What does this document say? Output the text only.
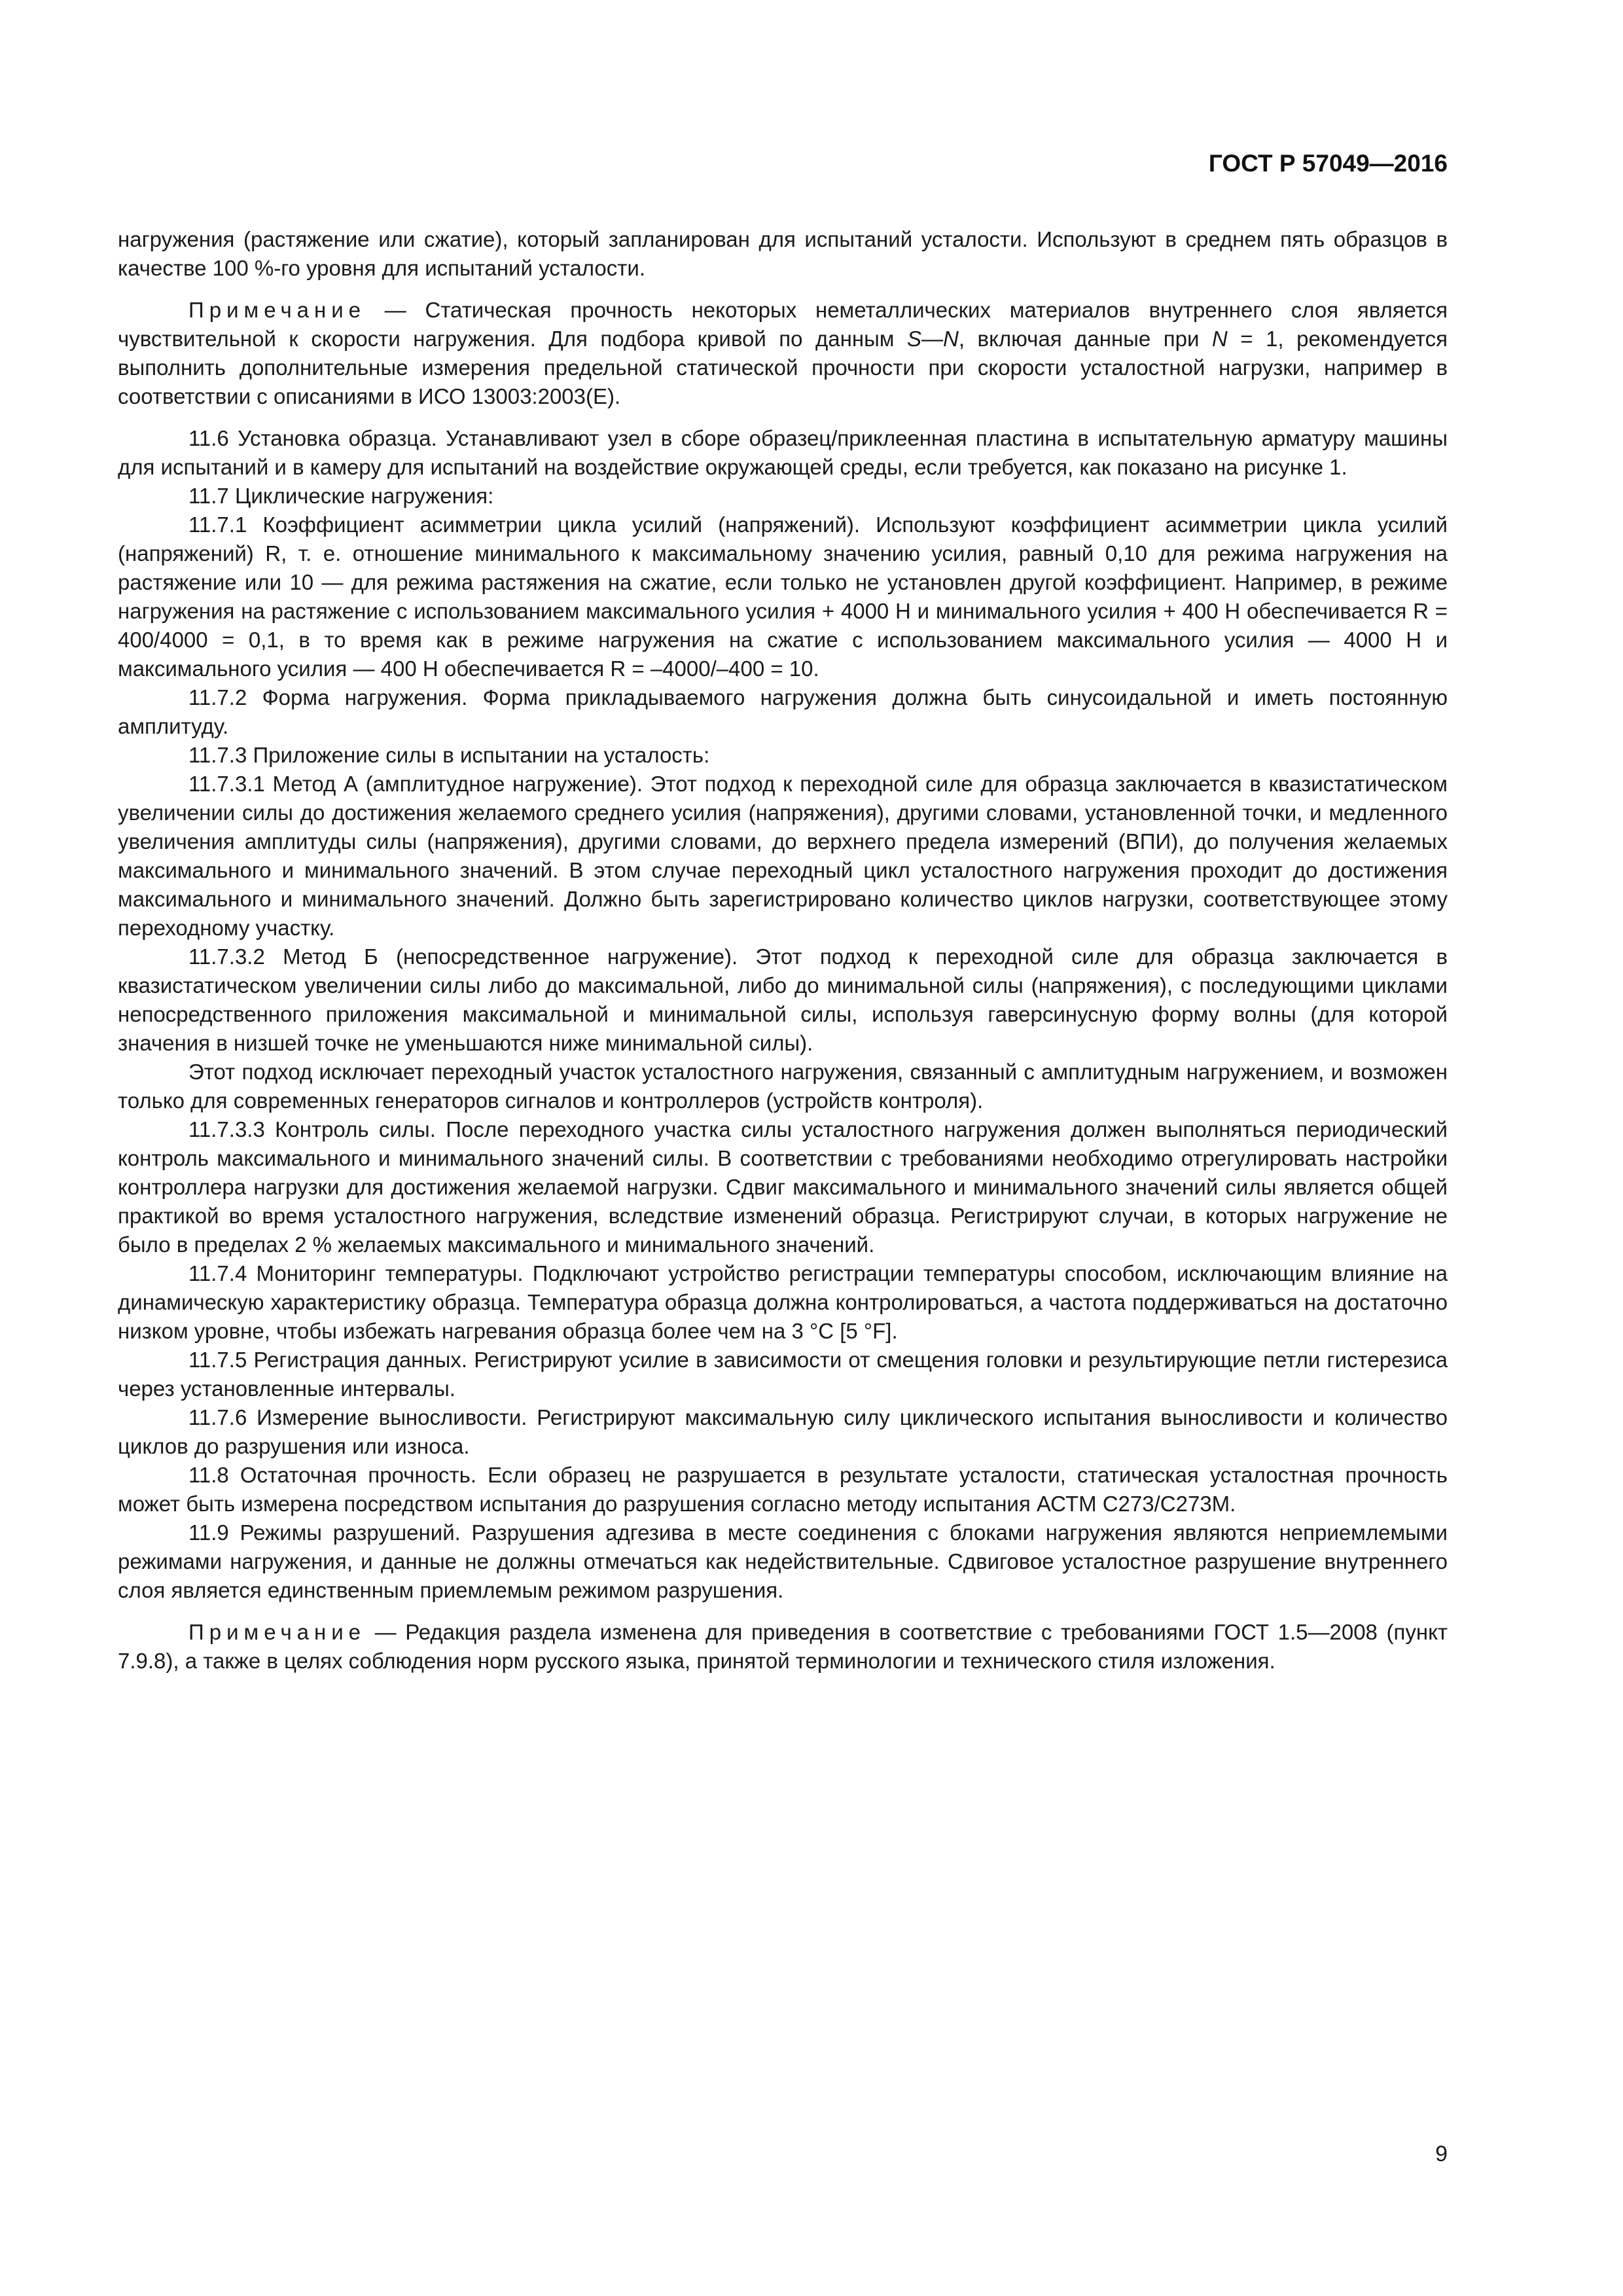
ГОСТ Р 57049—2016

нагружения (растяжение или сжатие), который запланирован для испытаний усталости. Используют в среднем пять образцов в качестве 100 %-го уровня для испытаний усталости.

Примечание — Статическая прочность некоторых неметаллических материалов внутреннего слоя является чувствительной к скорости нагружения. Для подбора кривой по данным S—N, включая данные при N = 1, рекомендуется выполнить дополнительные измерения предельной статической прочности при скорости усталостной нагрузки, например в соответствии с описаниями в ИСО 13003:2003(Е).

11.6 Установка образца. Устанавливают узел в сборе образец/приклеенная пластина в испытательную арматуру машины для испытаний и в камеру для испытаний на воздействие окружающей среды, если требуется, как показано на рисунке 1.

11.7 Циклические нагружения:

11.7.1 Коэффициент асимметрии цикла усилий (напряжений). Используют коэффициент асимметрии цикла усилий (напряжений) R, т. е. отношение минимального к максимальному значению усилия, равный 0,10 для режима нагружения на растяжение или 10 — для режима растяжения на сжатие, если только не установлен другой коэффициент. Например, в режиме нагружения на растяжение с использованием максимального усилия + 4000 Н и минимального усилия + 400 Н обеспечивается R = 400/4000 = 0,1, в то время как в режиме нагружения на сжатие с использованием максимального усилия — 4000 Н и максимального усилия — 400 Н обеспечивается R = –4000/–400 = 10.

11.7.2 Форма нагружения. Форма прикладываемого нагружения должна быть синусоидальной и иметь постоянную амплитуду.

11.7.3 Приложение силы в испытании на усталость:

11.7.3.1 Метод А (амплитудное нагружение). Этот подход к переходной силе для образца заключается в квазистатическом увеличении силы до достижения желаемого среднего усилия (напряжения), другими словами, установленной точки, и медленного увеличения амплитуды силы (напряжения), другими словами, до верхнего предела измерений (ВПИ), до получения желаемых максимального и минимального значений. В этом случае переходный цикл усталостного нагружения проходит до достижения максимального и минимального значений. Должно быть зарегистрировано количество циклов нагрузки, соответствующее этому переходному участку.

11.7.3.2 Метод Б (непосредственное нагружение). Этот подход к переходной силе для образца заключается в квазистатическом увеличении силы либо до максимальной, либо до минимальной силы (напряжения), с последующими циклами непосредственного приложения максимальной и минимальной силы, используя гаверсинусную форму волны (для которой значения в низшей точке не уменьшаются ниже минимальной силы).

Этот подход исключает переходный участок усталостного нагружения, связанный с амплитудным нагружением, и возможен только для современных генераторов сигналов и контроллеров (устройств контроля).

11.7.3.3 Контроль силы. После переходного участка силы усталостного нагружения должен выполняться периодический контроль максимального и минимального значений силы. В соответствии с требованиями необходимо отрегулировать настройки контроллера нагрузки для достижения желаемой нагрузки. Сдвиг максимального и минимального значений силы является общей практикой во время усталостного нагружения, вследствие изменений образца. Регистрируют случаи, в которых нагружение не было в пределах 2 % желаемых максимального и минимального значений.

11.7.4 Мониторинг температуры. Подключают устройство регистрации температуры способом, исключающим влияние на динамическую характеристику образца. Температура образца должна контролироваться, а частота поддерживаться на достаточно низком уровне, чтобы избежать нагревания образца более чем на 3 °C [5 °F].

11.7.5 Регистрация данных. Регистрируют усилие в зависимости от смещения головки и результирующие петли гистерезиса через установленные интервалы.

11.7.6 Измерение выносливости. Регистрируют максимальную силу циклического испытания выносливости и количество циклов до разрушения или износа.

11.8 Остаточная прочность. Если образец не разрушается в результате усталости, статическая усталостная прочность может быть измерена посредством испытания до разрушения согласно методу испытания АСТМ С273/С273М.

11.9 Режимы разрушений. Разрушения адгезива в месте соединения с блоками нагружения являются неприемлемыми режимами нагружения, и данные не должны отмечаться как недействительные. Сдвиговое усталостное разрушение внутреннего слоя является единственным приемлемым режимом разрушения.

Примечание — Редакция раздела изменена для приведения в соответствие с требованиями ГОСТ 1.5—2008 (пункт 7.9.8), а также в целях соблюдения норм русского языка, принятой терминологии и технического стиля изложения.

9
